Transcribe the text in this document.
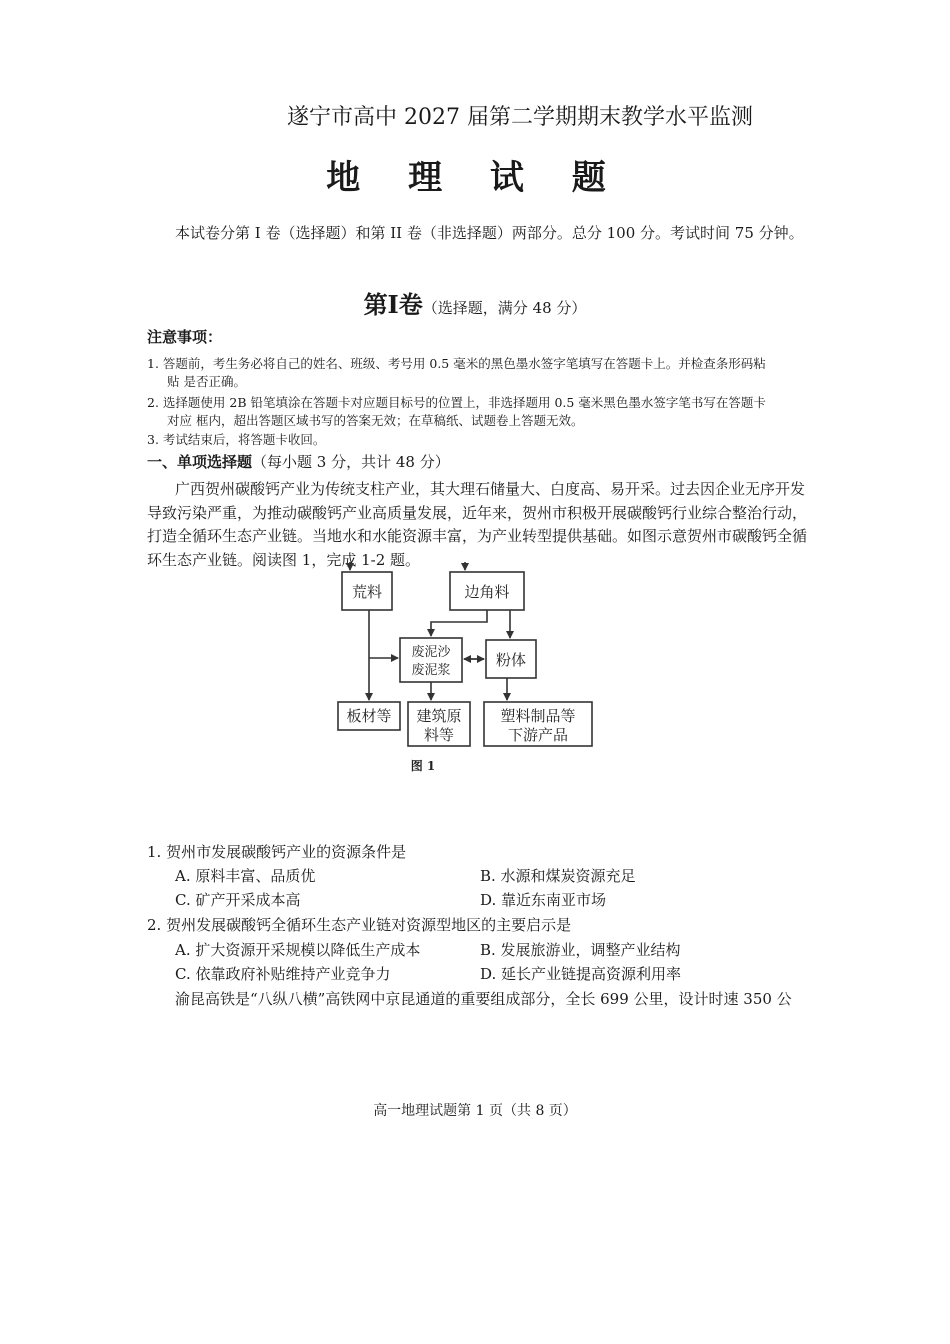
遂宁市高中 2027 届第二学期期末教学水平监测
地 理 试 题
本试卷分第 I 卷（选择题）和第 II 卷（非选择题）两部分。总分 100 分。考试时间 75 分钟。
第Ⅰ卷（选择题，满分 48 分）
注意事项：
1. 答题前，考生务必将自己的姓名、班级、考号用 0.5 毫米的黑色墨水签字笔填写在答题卡上。并检查条形码粘
贴 是否正确。
2. 选择题使用 2B 铅笔填涂在答题卡对应题目标号的位置上，非选择题用 0.5 毫米黑色墨水签字笔书写在答题卡
对应 框内，超出答题区域书写的答案无效；在草稿纸、试题卷上答题无效。
3. 考试结束后，将答题卡收回。
一、单项选择题（每小题 3 分，共计 48 分）
广西贺州碳酸钙产业为传统支柱产业，其大理石储量大、白度高、易开采。过去因企业无序开发导致污染严重，为推动碳酸钙产业高质量发展，近年来，贺州市积极开展碳酸钙行业综合整治行动，打造全循环生态产业链。当地水和水能资源丰富，为产业转型提供基础。如图示意贺州市碳酸钙全循环生态产业链。阅读图 1，完成 1-2 题。
荒料	边角料
废泥沙
废泥浆
粉体
板材等 建筑原
料等
塑料制品等
下游产品
图 1
1. 贺州市发展碳酸钙产业的资源条件是
A. 原料丰富、品质优	B. 水源和煤炭资源充足
C. 矿产开采成本高	D. 靠近东南亚市场
2. 贺州发展碳酸钙全循环生态产业链对资源型地区的主要启示是
A. 扩大资源开采规模以降低生产成本	B. 发展旅游业，调整产业结构
C. 依靠政府补贴维持产业竞争力	D. 延长产业链提高资源利用率
渝昆高铁是“八纵八横”高铁网中京昆通道的重要组成部分，全长 699 公里，设计时速 350 公
高一地理试题第 1 页（共 8 页）
